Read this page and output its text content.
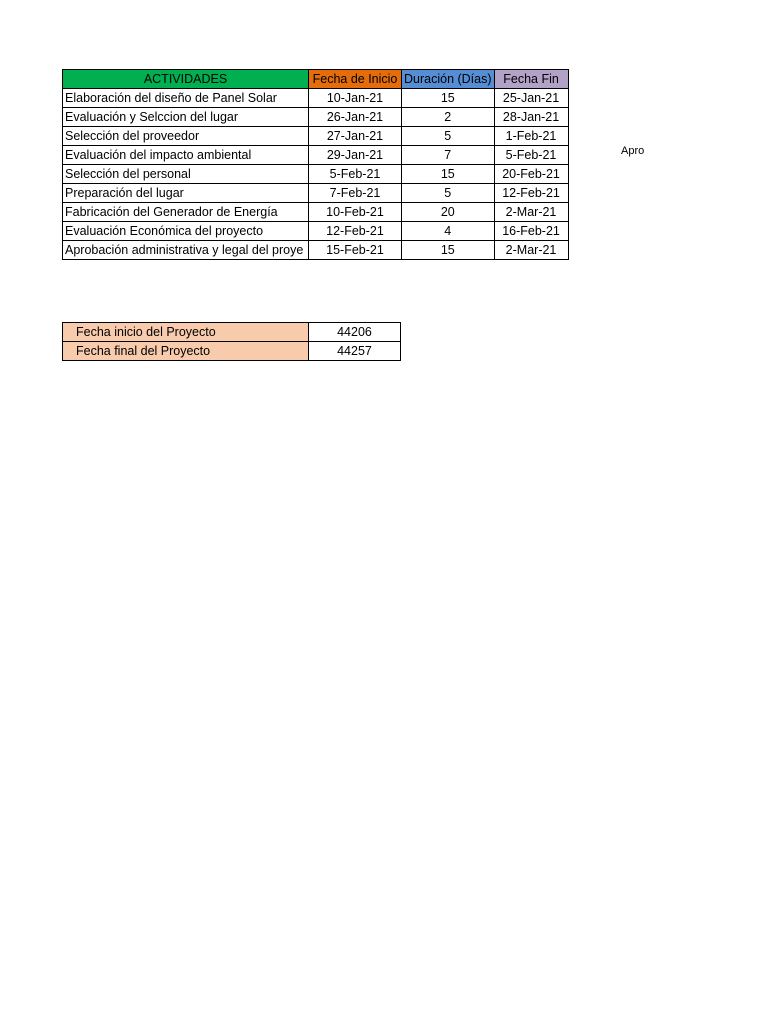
ACTIVIDADES	Fecha de Inicio	Duración (Días)	Fecha Fin
Elaboración del diseño de Panel Solar	10-Jan-21	15	25-Jan-21
Evaluación y Selccion del lugar	26-Jan-21	2	28-Jan-21
Selección del proveedor	27-Jan-21	5	1-Feb-21
Evaluación del impacto ambiental	29-Jan-21	7	5-Feb-21
Selección del personal	5-Feb-21	15	20-Feb-21
Preparación del lugar	7-Feb-21	5	12-Feb-21
Fabricación del Generador de Energía	10-Feb-21	20	2-Mar-21
Evaluación Económica del proyecto	12-Feb-21	4	16-Feb-21
Aprobación administrativa y legal del proye	15-Feb-21	15	2-Mar-21
Apro
Fecha inicio del Proyecto	44206
Fecha final del Proyecto	44257
